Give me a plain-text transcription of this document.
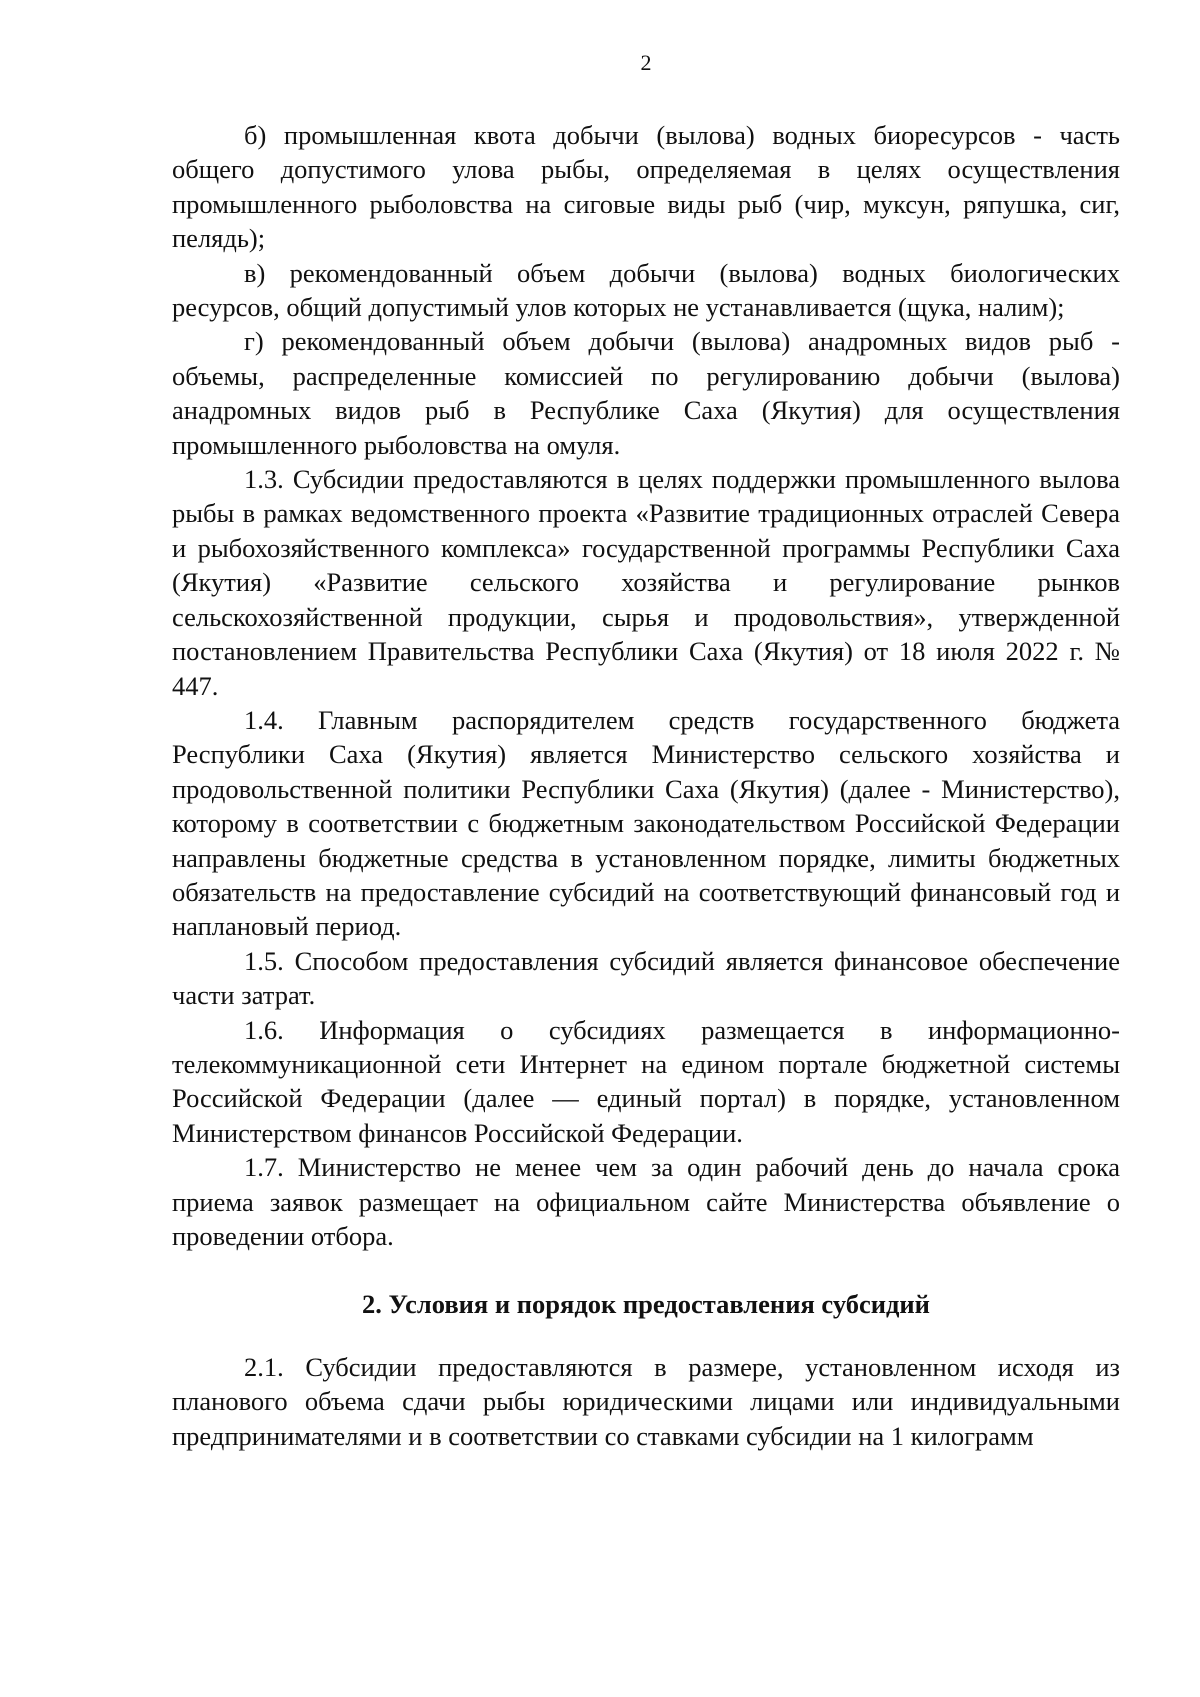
2

б) промышленная квота добычи (вылова) водных биоресурсов - часть общего допустимого улова рыбы, определяемая в целях осуществления промышленного рыболовства на сиговые виды рыб (чир, муксун, ряпушка, сиг, пелядь);

в) рекомендованный объем добычи (вылова) водных биологических ресурсов, общий допустимый улов которых не устанавливается (щука, налим);

г) рекомендованный объем добычи (вылова) анадромных видов рыб - объемы, распределенные комиссией по регулированию добычи (вылова) анадромных видов рыб в Республике Саха (Якутия) для осуществления промышленного рыболовства на омуля.

1.3. Субсидии предоставляются в целях поддержки промышленного вылова рыбы в рамках ведомственного проекта «Развитие традиционных отраслей Севера и рыбохозяйственного комплекса» государственной программы Республики Саха (Якутия) «Развитие сельского хозяйства и регулирование рынков сельскохозяйственной продукции, сырья и продовольствия», утвержденной постановлением Правительства Республики Саха (Якутия) от 18 июля 2022 г. № 447.

1.4. Главным распорядителем средств государственного бюджета Республики Саха (Якутия) является Министерство сельского хозяйства и продовольственной политики Республики Саха (Якутия) (далее - Министерство), которому в соответствии с бюджетным законодательством Российской Федерации направлены бюджетные средства в установленном порядке, лимиты бюджетных обязательств на предоставление субсидий на соответствующий финансовый год и наплановый период.

1.5. Способом предоставления субсидий является финансовое обеспечение части затрат.

1.6. Информация о субсидиях размещается в информационно-телекоммуникационной сети Интернет на едином портале бюджетной системы Российской Федерации (далее — единый портал) в порядке, установленном Министерством финансов Российской Федерации.

1.7. Министерство не менее чем за один рабочий день до начала срока приема заявок размещает на официальном сайте Министерства объявление о проведении отбора.

2. Условия и порядок предоставления субсидий

2.1. Субсидии предоставляются в размере, установленном исходя из планового объема сдачи рыбы юридическими лицами или индивидуальными предпринимателями и в соответствии со ставками субсидии на 1 килограмм
